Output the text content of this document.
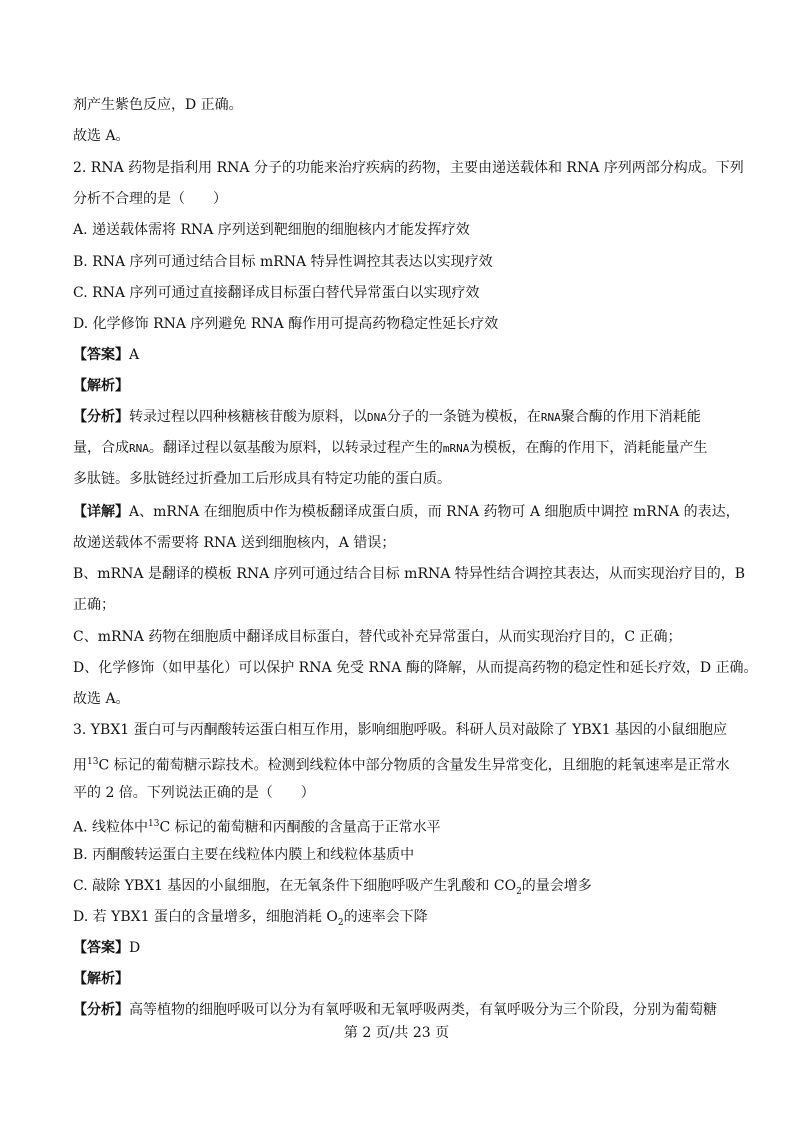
剂产生紫色反应，D 正确。
故选 A。
2. RNA 药物是指利用 RNA 分子的功能来治疗疾病的药物，主要由递送载体和 RNA 序列两部分构成。下列
分析不合理的是（　　）
A. 递送载体需将 RNA 序列送到靶细胞的细胞核内才能发挥疗效
B. RNA 序列可通过结合目标 mRNA 特异性调控其表达以实现疗效
C. RNA 序列可通过直接翻译成目标蛋白替代异常蛋白以实现疗效
D. 化学修饰 RNA 序列避免 RNA 酶作用可提高药物稳定性延长疗效
【答案】A
【解析】
【分析】转录过程以四种核糖核苷酸为原料，以DNA分子的一条链为模板，在RNA聚合酶的作用下消耗能
量，合成RNA。翻译过程以氨基酸为原料，以转录过程产生的mRNA为模板，在酶的作用下，消耗能量产生
多肽链。多肽链经过折叠加工后形成具有特定功能的蛋白质。
【详解】A、mRNA 在细胞质中作为模板翻译成蛋白质，而 RNA 药物可 A 细胞质中调控 mRNA 的表达，
故递送载体不需要将 RNA 送到细胞核内，A 错误；
B、mRNA 是翻译的模板 RNA 序列可通过结合目标 mRNA 特异性结合调控其表达，从而实现治疗目的，B
正确；
C、mRNA 药物在细胞质中翻译成目标蛋白，替代或补充异常蛋白，从而实现治疗目的，C 正确；
D、化学修饰（如甲基化）可以保护 RNA 免受 RNA 酶的降解，从而提高药物的稳定性和延长疗效，D 正确。
故选 A。
3. YBX1 蛋白可与丙酮酸转运蛋白相互作用，影响细胞呼吸。科研人员对敲除了 YBX1 基因的小鼠细胞应
用$^{13}$C 标记的葡萄糖示踪技术。检测到线粒体中部分物质的含量发生异常变化，且细胞的耗氧速率是正常水
平的 2 倍。下列说法正确的是（　　）
A. 线粒体中$^{13}$C 标记的葡萄糖和丙酮酸的含量高于正常水平
B. 丙酮酸转运蛋白主要在线粒体内膜上和线粒体基质中
C. 敲除 YBX1 基因的小鼠细胞，在无氧条件下细胞呼吸产生乳酸和 $CO_2$的量会增多
D. 若 YBX1 蛋白的含量增多，细胞消耗 $O_2$的速率会下降
【答案】D
【解析】
【分析】高等植物的细胞呼吸可以分为有氧呼吸和无氧呼吸两类，有氧呼吸分为三个阶段，分别为葡萄糖
第 2 页/共 23 页
